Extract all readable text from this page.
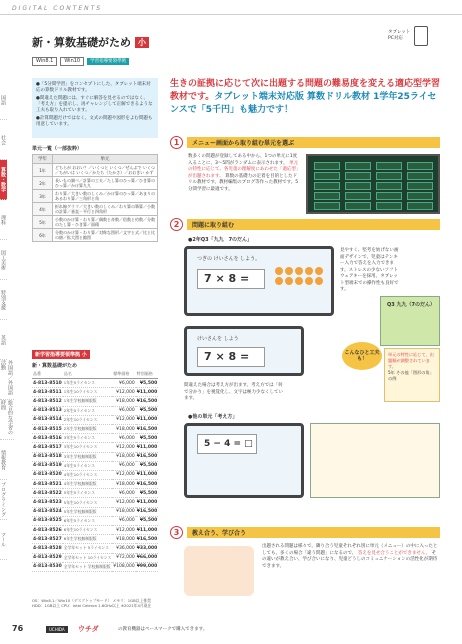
DIGITAL CONTENTS
国語
社会
算数・数学
理科
図工美術
特別支援
英語
外国語／外国語活動
総合的な学習の時間
情報教育
プログラミング
ツール
新・算数基礎がため 小
タブレット
PC対応
Win8.1	Win10	学習指導要領準拠

●「5分間学習」をコンセプトにした、タブレット端末対応の算数ドリル教材です。

●間違えた問題には、すぐに解答を見せるのではなく、「考え方」を提示し、再チャレンジして正解できるような工夫も取り入れています。

●計算問題だけではなく、文式の問題や図形をよむ問題も用意しています。

単元一覧（一部抜粋）
学年	単元
1年	どちらが おおい？／いくつと いくつ／ぜんぶで いくつ／ちがいは いくつ／かたち（たかさ）／おおきい かず
2年	長いもの調べ／計算の工夫／たし算のひっ算／ひき算のひっ算／かけ算九九
3年	わり算／大きい数のしくみ／かけ算のひっ算／あまりのあるわり算／三角形と角
4年	折れ線グラフ／大きい数のしくみ／わり算の筆算／小数の計算／垂直・平行と四角形
5年	小数のかけ算・わり算／偶数と奇数／倍数と約数／分数のたし算・ひき算／面積
6年	分数のかけ算・わり算／対称な図形／文字と式／比と比の値／拡大図と縮図
新学習指導要領準拠 小
新・算数基礎がため
品番	品名	標準価格	特別価格
4-813-8510	1年生5ライセンス	¥6,000	¥5,500
4-813-8511	1年生10ライセンス	¥12,000	¥11,000
4-813-8512	1年生学校無制限版	¥18,000	¥16,500
4-813-8513	2年生5ライセンス	¥6,000	¥5,500
4-813-8514	2年生10ライセンス	¥12,000	¥11,000
4-813-8515	2年生学校無制限版	¥18,000	¥16,500
4-813-8516	3年生5ライセンス	¥6,000	¥5,500
4-813-8517	3年生10ライセンス	¥12,000	¥11,000
4-813-8518	3年生学校無制限版	¥18,000	¥16,500
4-813-8519	4年生5ライセンス	¥6,000	¥5,500
4-813-8520	4年生10ライセンス	¥12,000	¥11,000
4-813-8521	4年生学校無制限版	¥18,000	¥16,500
4-813-8522	5年生5ライセンス	¥6,000	¥5,500
4-813-8523	5年生10ライセンス	¥12,000	¥11,000
4-813-8524	5年生学校無制限版	¥18,000	¥16,500
4-813-8525	6年生5ライセンス	¥6,000	¥5,500
4-813-8526	6年生10ライセンス	¥12,000	¥11,000
4-813-8527	6年生学校無制限版	¥18,000	¥16,500
4-813-8528	全学年セット 5ライセンス	¥36,000	¥33,000
4-813-8529	全学年セット 10ライセンス	¥72,000	¥66,000
4-813-8530	全学年セット 学校無制限版	¥108,000	¥99,000
OS：Win8.1／Win10（デスクトップモード） メモリ：1GB以上推奨 HDD：1GB以上 CPU：Intel Celeron 1.6GHz以上 ※2021年4月現在
生きの証拠に応じて次に出題する問題の難易度を変える適応型学習教材です。タブレット端末対応版 算数ドリル教材 1学年25ライセンスで「5千円」も魅力です！
1	メニュー画面から取り組む単元を選ぶ
数多くの問題が登録してある中から、1つの単元に1度入ることに、3〜5問がランダムに表示されます。 単元の特性に応じて、各児童の理解度にあわせた「適応型」が出題されます。 算数の基礎力の定着を目的としたドリル教材です。教材編集のブログ等作った教材です。5分間学習に最適です。
2	問題に取り組む
●2年Q3「九九　7のだん」
つぎの けいさんを しよう。
7 × 8 =
見やすく、堅考を妨げない画面デザインで、児童はテンキー入力で答えを入力できます。ストレスの少ないソフトウェアキーを採用。タブレット型端末での操作性も良好です。
Q3 九九（7のだん）
けいさんを しよう
7 × 8 =	こんなひと工夫も！
単元の特性に応じて、出題順が調整されています。
5年 その他「図形の角」の例
間違えた場合は考え方が出ます。考え方では「何で分かり」を視覚化し、文字は極力少なくしています。
●他の単元「考え方」
5 − 4 = □
3	教え合う、学び合う
出題される問題は様々で、隣り合う児童それぞれ別に単元（メニュー）の中に入ったとしても、多くの場合「違う問題」になるので、 答えを見せ合うことができません。 その違いが教え合い、学び合いになり、児童どうしのコミュニケーションの活性化が期待できます。
76	UCHIDA	ウチダ	の教育機器はペースマークで購入できます。
